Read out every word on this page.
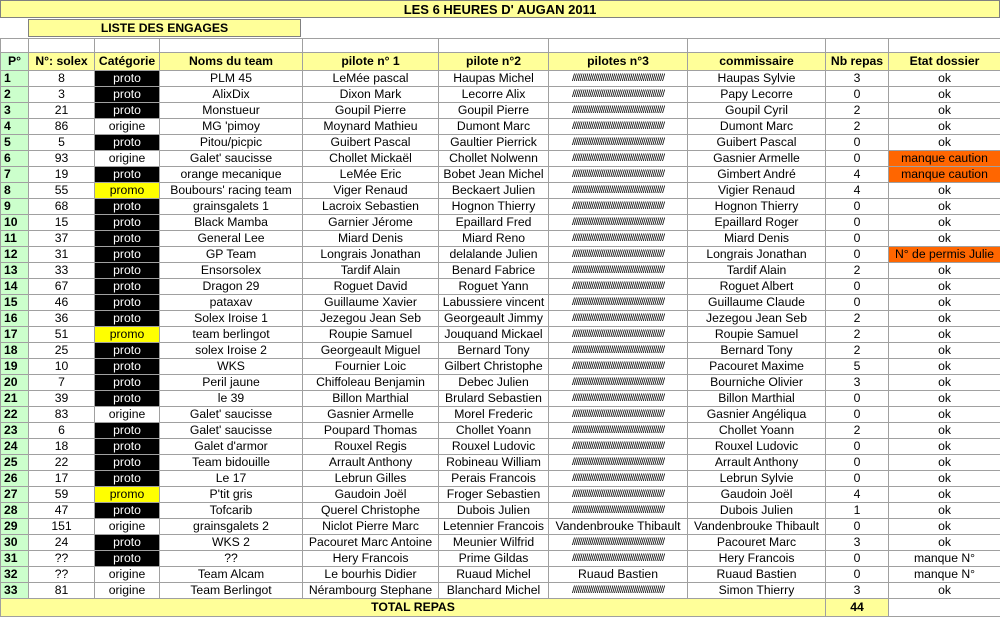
LES 6 HEURES D' AUGAN 2011
LISTE DES ENGAGES

P°	N°: solex	Catégorie	Noms du team	pilote n° 1	pilote n°2	pilotes n°3	commissaire	Nb repas	Etat dossier
1	8	proto	PLM 45	LeMée pascal	Haupas Michel	////////////////////////////////////////////////	Haupas Sylvie	3	ok
2	3	proto	AlixDix	Dixon Mark	Lecorre Alix	////////////////////////////////////////////////	Papy Lecorre	0	ok
3	21	proto	Monstueur	Goupil Pierre	Goupil Pierre	////////////////////////////////////////////////	Goupil Cyril	2	ok
4	86	origine	MG 'pimoy	Moynard Mathieu	Dumont Marc	////////////////////////////////////////////////	Dumont Marc	2	ok
5	5	proto	Pitou/picpic	Guibert Pascal	Gaultier Pierrick	////////////////////////////////////////////////	Guibert Pascal	0	ok
6	93	origine	Galet' saucisse	Chollet Mickaël	Chollet Nolwenn	////////////////////////////////////////////////	Gasnier Armelle	0	manque caution
7	19	proto	orange mecanique	LeMée Eric	Bobet Jean Michel	////////////////////////////////////////////////	Gimbert André	4	manque caution
8	55	promo	Boubours' racing team	Viger Renaud	Beckaert Julien	////////////////////////////////////////////////	Vigier Renaud	4	ok
9	68	proto	grainsgalets 1	Lacroix Sebastien	Hognon Thierry	////////////////////////////////////////////////	Hognon Thierry	0	ok
10	15	proto	Black Mamba	Garnier Jérome	Epaillard Fred	////////////////////////////////////////////////	Epaillard Roger	0	ok
11	37	proto	General Lee	Miard Denis	Miard Reno	////////////////////////////////////////////////	Miard Denis	0	ok
12	31	proto	GP Team	Longrais Jonathan	delalande Julien	////////////////////////////////////////////////	Longrais Jonathan	0	N° de permis Julie
13	33	proto	Ensorsolex	Tardif Alain	Benard Fabrice	////////////////////////////////////////////////	Tardif Alain	2	ok
14	67	proto	Dragon 29	Roguet David	Roguet Yann	////////////////////////////////////////////////	Roguet Albert	0	ok
15	46	proto	pataxav	Guillaume Xavier	Labussiere vincent	////////////////////////////////////////////////	Guillaume Claude	0	ok
16	36	proto	Solex Iroise 1	Jezegou Jean Seb	Georgeault Jimmy	////////////////////////////////////////////////	Jezegou Jean Seb	2	ok
17	51	promo	team berlingot	Roupie Samuel	Jouquand Mickael	////////////////////////////////////////////////	Roupie Samuel	2	ok
18	25	proto	solex Iroise 2	Georgeault Miguel	Bernard Tony	////////////////////////////////////////////////	Bernard Tony	2	ok
19	10	proto	WKS	Fournier Loic	Gilbert Christophe	////////////////////////////////////////////////	Pacouret Maxime	5	ok
20	7	proto	Peril jaune	Chiffoleau Benjamin	Debec Julien	////////////////////////////////////////////////	Bourniche Olivier	3	ok
21	39	proto	le 39	Billon Marthial	Brulard Sebastien	////////////////////////////////////////////////	Billon Marthial	0	ok
22	83	origine	Galet' saucisse	Gasnier Armelle	Morel Frederic	////////////////////////////////////////////////	Gasnier Angéliqua	0	ok
23	6	proto	Galet' saucisse	Poupard Thomas	Chollet Yoann	////////////////////////////////////////////////	Chollet Yoann	2	ok
24	18	proto	Galet d'armor	Rouxel Regis	Rouxel Ludovic	////////////////////////////////////////////////	Rouxel Ludovic	0	ok
25	22	proto	Team bidouille	Arrault Anthony	Robineau William	////////////////////////////////////////////////	Arrault Anthony	0	ok
26	17	proto	Le 17	Lebrun Gilles	Perais Francois	////////////////////////////////////////////////	Lebrun Sylvie	0	ok
27	59	promo	P'tit gris	Gaudoin Joël	Froger Sebastien	////////////////////////////////////////////////	Gaudoin Joël	4	ok
28	47	proto	Tofcarib	Querel Christophe	Dubois Julien	////////////////////////////////////////////////	Dubois Julien	1	ok
29	151	origine	grainsgalets 2	Niclot Pierre Marc	Letennier Francois	Vandenbrouke Thibault	Vandenbrouke Thibault	0	ok
30	24	proto	WKS 2	Pacouret Marc Antoine	Meunier Wilfrid	////////////////////////////////////////////////	Pacouret Marc	3	ok
31	??	proto	??	Hery Francois	Prime Gildas	////////////////////////////////////////////////	Hery Francois	0	manque N°
32	??	origine	Team Alcam	Le bourhis Didier	Ruaud Michel	Ruaud Bastien	Ruaud Bastien	0	manque N°
33	81	origine	Team Berlingot	Nérambourg Stephane	Blanchard Michel	////////////////////////////////////////////////	Simon Thierry	3	ok
TOTAL REPAS								44	
